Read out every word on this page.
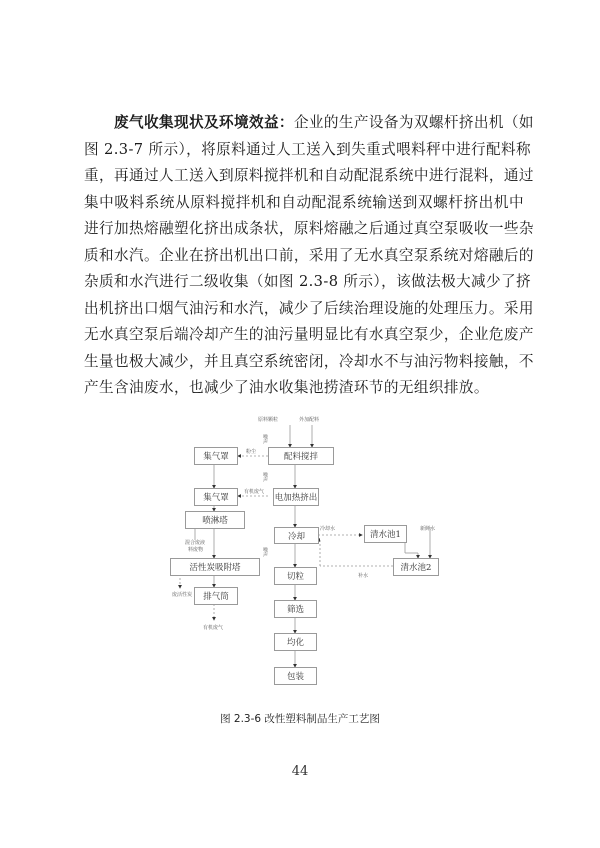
废气收集现状及环境效益：企业的生产设备为双螺杆挤出机（如
图 2.3-7 所示），将原料通过人工送入到失重式喂料秤中进行配料称
重，再通过人工送入到原料搅拌机和自动配混系统中进行混料，通过
集中吸料系统从原料搅拌机和自动配混系统输送到双螺杆挤出机中
进行加热熔融塑化挤出成条状，原料熔融之后通过真空泵吸收一些杂
质和水汽。企业在挤出机出口前，采用了无水真空泵系统对熔融后的
杂质和水汽进行二级收集（如图 2.3-8 所示），该做法极大减少了挤
出机挤出口烟气油污和水汽，减少了后续治理设施的处理压力。采用
无水真空泵后端冷却产生的油污量明显比有水真空泵少，企业危废产
生量也极大减少，并且真空系统密闭，冷却水不与油污物料接触，不
产生含油废水，也减少了油水收集池捞渣环节的无组织排放。
原料颗粒	外加配料
噪声
噪声
噪声
粉尘
有机废气
混合废液
料废物
冷却水	新鲜水
补水
废活性炭
有机废气
配料搅拌
集气罩
集气罩	电加热挤出
喷淋塔
冷却	清水池1
清水池2
活性炭吸附塔
切粒
排气筒
筛选
均化
包装
图 2.3-6 改性塑料制品生产工艺图
44
